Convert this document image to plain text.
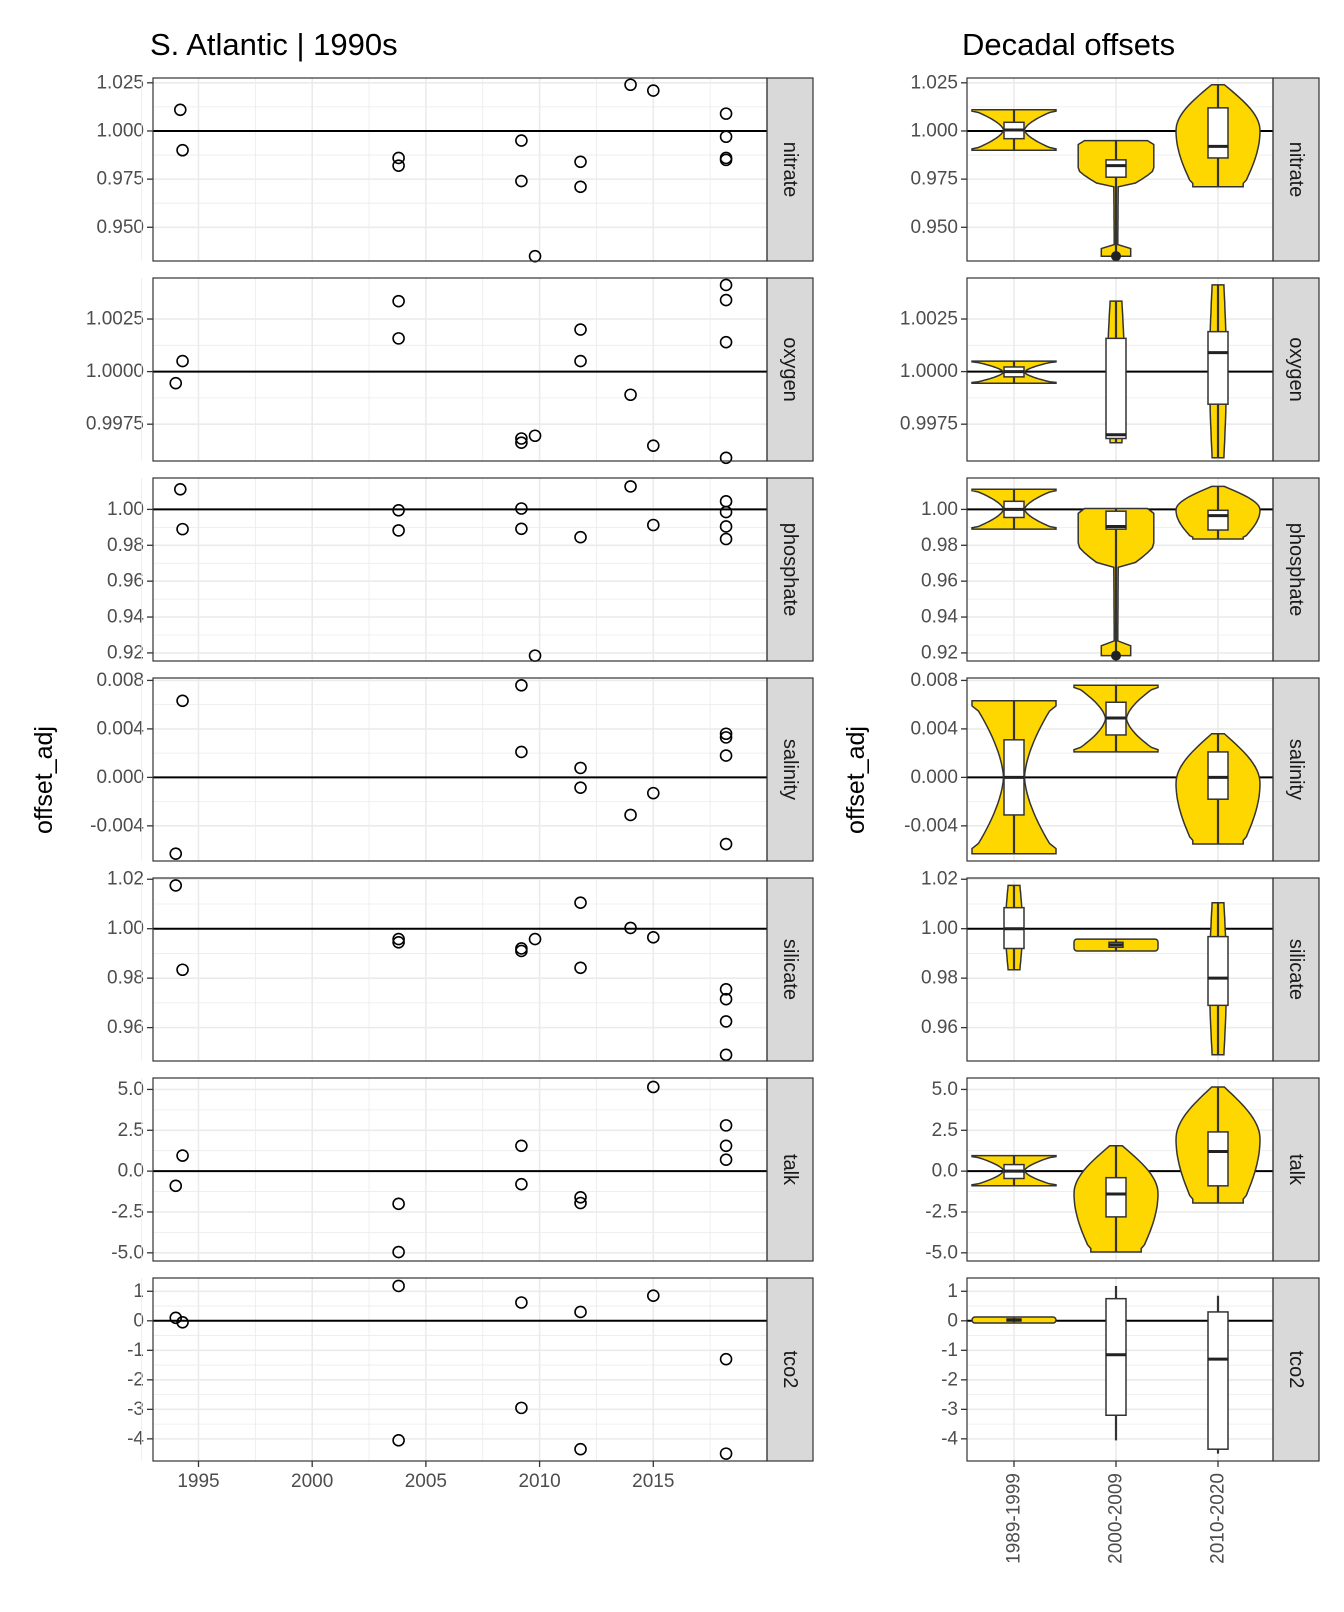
S. Atlantic | 1990s	Decadal offsets
offset_adj	offset_adj
nitrate
1.025
1.000
0.975
0.950
oxygen
1.0025
1.0000
0.9975
phosphate
1.00
0.98
0.96
0.94
0.92
salinity
0.008
0.004
0.000
-0.004
silicate
1.02
1.00
0.98
0.96
talk
5.0
2.5
0.0
-2.5
-5.0
tco2
1
0
-1
-2
-3
-4
1995	2000	2005	2010	2015
nitrate
1.025
1.000
0.975
0.950
oxygen
1.0025
1.0000
0.9975
phosphate
1.00
0.98
0.96
0.94
0.92
salinity
0.008
0.004
0.000
-0.004
silicate
1.02
1.00
0.98
0.96
talk
5.0
2.5
0.0
-2.5
-5.0
tco2
1
0
-1
-2
-3
-4
1989-1999	2000-2009	2010-2020
